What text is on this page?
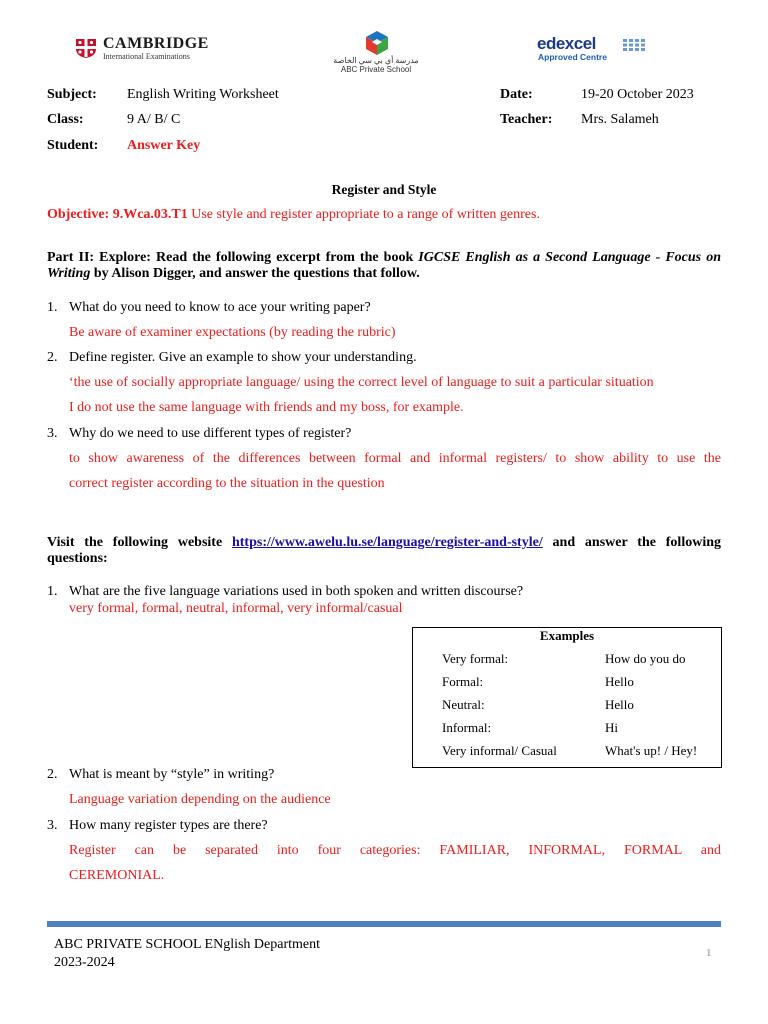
CAMBRIDGE
International Examinations	مدرسة أي بي سي الخاصة
ABC Private School
edexcel
Approved Centre
Subject: English Writing Worksheet	Date:	19-20 October 2023
Class:	9 A/ B/ C	Teacher: Mrs. Salameh
Student: Answer Key
Register and Style
Objective: 9.Wca.03.T1 Use style and register appropriate to a range of written genres.
Part II: Explore: Read the following excerpt from the book IGCSE English as a Second Language - Focus on Writing by Alison Digger, and answer the questions that follow.
1. What do you need to know to ace your writing paper?
Be aware of examiner expectations (by reading the rubric)
2. Define register. Give an example to show your understanding.
‘the use of socially appropriate language/ using the correct level of language to suit a particular situation
I do not use the same language with friends and my boss, for example.
3. Why do we need to use different types of register?
to show awareness of the differences between formal and informal registers/ to show ability to use the
correct register according to the situation in the question
Visit the following website https://www.awelu.lu.se/language/register-and-style/ and answer the following questions:
1. What are the five language variations used in both spoken and written discourse?
very formal, formal, neutral, informal, very informal/casual
Examples
Very formal:	How do you do
Formal:	Hello
Neutral:	Hello
Informal:	Hi
Very informal/ Casual	What's up! / Hey!
2. What is meant by “style” in writing?
Language variation depending on the audience
3. How many register types are there?
Register can be separated into four categories: FAMILIAR, INFORMAL, FORMAL and
CEREMONIAL.
ABC PRIVATE SCHOOL ENglish Department
2023-2024
1
